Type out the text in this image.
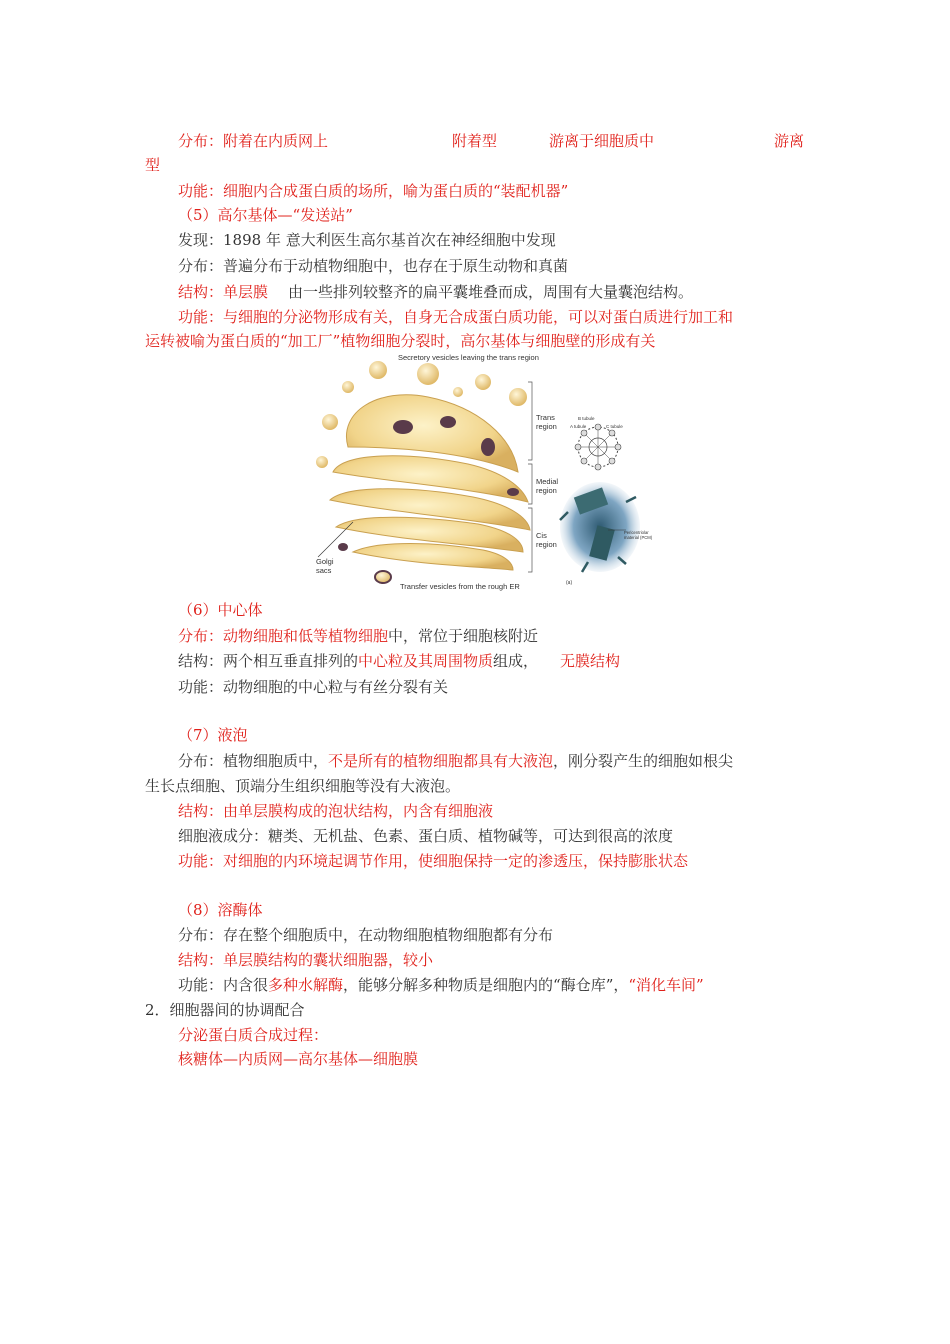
分布：附着在内质网上	附着型	游离于细胞质中	游离
型
功能：细胞内合成蛋白质的场所，喻为蛋白质的“装配机器”
（5）高尔基体—“发送站”
发现：1898 年 意大利医生高尔基首次在神经细胞中发现
分布：普遍分布于动植物细胞中，也存在于原生动物和真菌
结构：单层膜 由一些排列较整齐的扁平囊堆叠而成，周围有大量囊泡结构。
功能：与细胞的分泌物形成有关，自身无合成蛋白质功能，可以对蛋白质进行加工和
运转被喻为蛋白质的“加工厂”植物细胞分裂时，高尔基体与细胞壁的形成有关
Secretory vesicles leaving the trans region
Golgi
sacs
Transfer vesicles from the rough ER
Trans
region
Medial
region
Cis
region
B tubule
A tubule	C tubule
Pericentriolar
material (PCM)
(a)
（6）中心体
分布：动物细胞和低等植物细胞中，常位于细胞核附近
结构：两个相互垂直排列的中心粒及其周围物质组成， 无膜结构
功能：动物细胞的中心粒与有丝分裂有关
（7）液泡
分布：植物细胞质中，不是所有的植物细胞都具有大液泡，刚分裂产生的细胞如根尖
生长点细胞、顶端分生组织细胞等没有大液泡。
结构：由单层膜构成的泡状结构，内含有细胞液
细胞液成分：糖类、无机盐、色素、蛋白质、植物碱等，可达到很高的浓度
功能：对细胞的内环境起调节作用，使细胞保持一定的渗透压，保持膨胀状态
（8）溶酶体
分布：存在整个细胞质中，在动物细胞植物细胞都有分布
结构：单层膜结构的囊状细胞器，较小
功能：内含很多种水解酶，能够分解多种物质是细胞内的“酶仓库”，“消化车间”
2．细胞器间的协调配合
分泌蛋白质合成过程：
核糖体—内质网—高尔基体—细胞膜
